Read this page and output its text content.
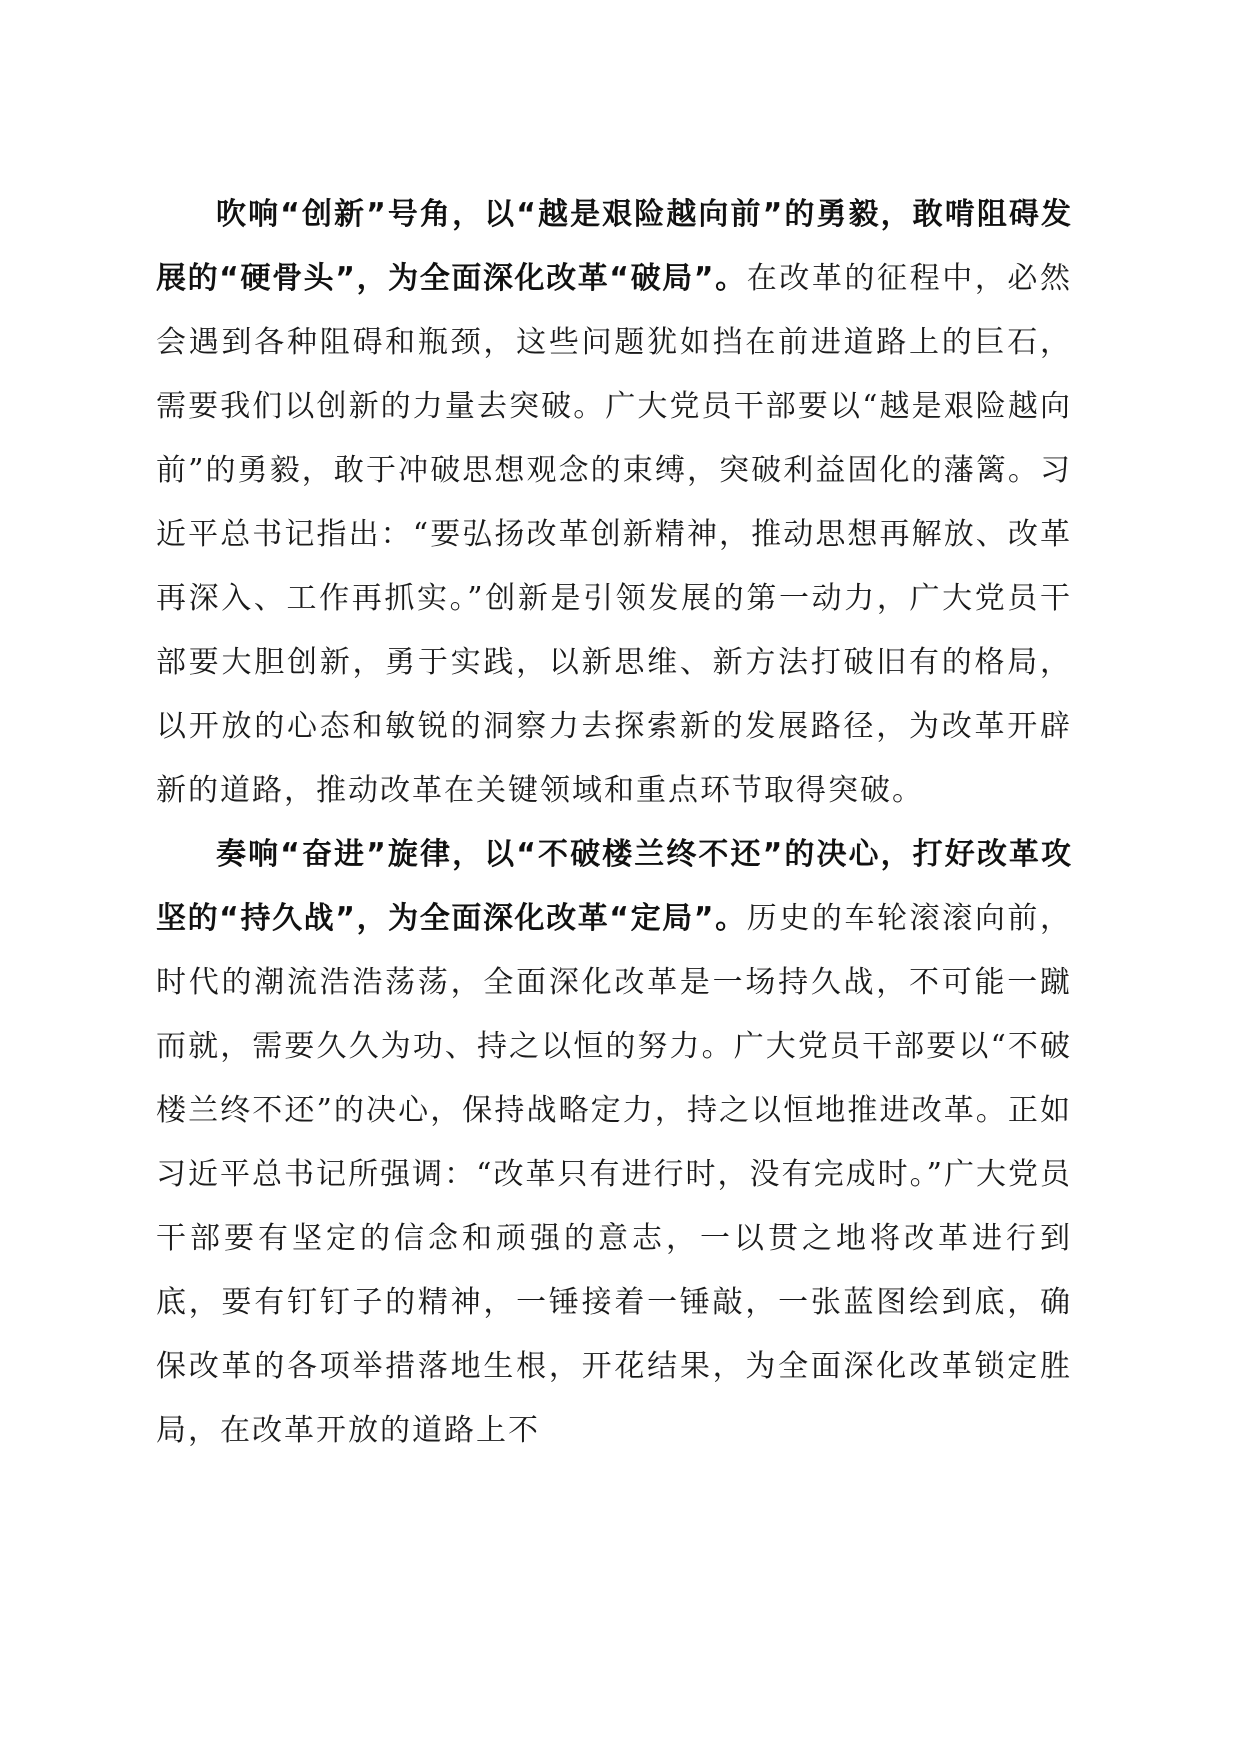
吹响“创新”号角，以“越是艰险越向前”的勇毅，敢啃阻碍发展的“硬骨头”，为全面深化改革“破局”。在改革的征程中，必然会遇到各种阻碍和瓶颈，这些问题犹如挡在前进道路上的巨石，需要我们以创新的力量去突破。广大党员干部要以“越是艰险越向前”的勇毅，敢于冲破思想观念的束缚，突破利益固化的藩篱。习近平总书记指出：“要弘扬改革创新精神，推动思想再解放、改革再深入、工作再抓实。”创新是引领发展的第一动力，广大党员干部要大胆创新，勇于实践，以新思维、新方法打破旧有的格局，以开放的心态和敏锐的洞察力去探索新的发展路径，为改革开辟新的道路，推动改革在关键领域和重点环节取得突破。

奏响“奋进”旋律，以“不破楼兰终不还”的决心，打好改革攻坚的“持久战”，为全面深化改革“定局”。历史的车轮滚滚向前，时代的潮流浩浩荡荡，全面深化改革是一场持久战，不可能一蹴而就，需要久久为功、持之以恒的努力。广大党员干部要以“不破楼兰终不还”的决心，保持战略定力，持之以恒地推进改革。正如习近平总书记所强调：“改革只有进行时，没有完成时。”广大党员干部要有坚定的信念和顽强的意志，一以贯之地将改革进行到底，要有钉钉子的精神，一锤接着一锤敲，一张蓝图绘到底，确保改革的各项举措落地生根，开花结果，为全面深化改革锁定胜局，在改革开放的道路上不
